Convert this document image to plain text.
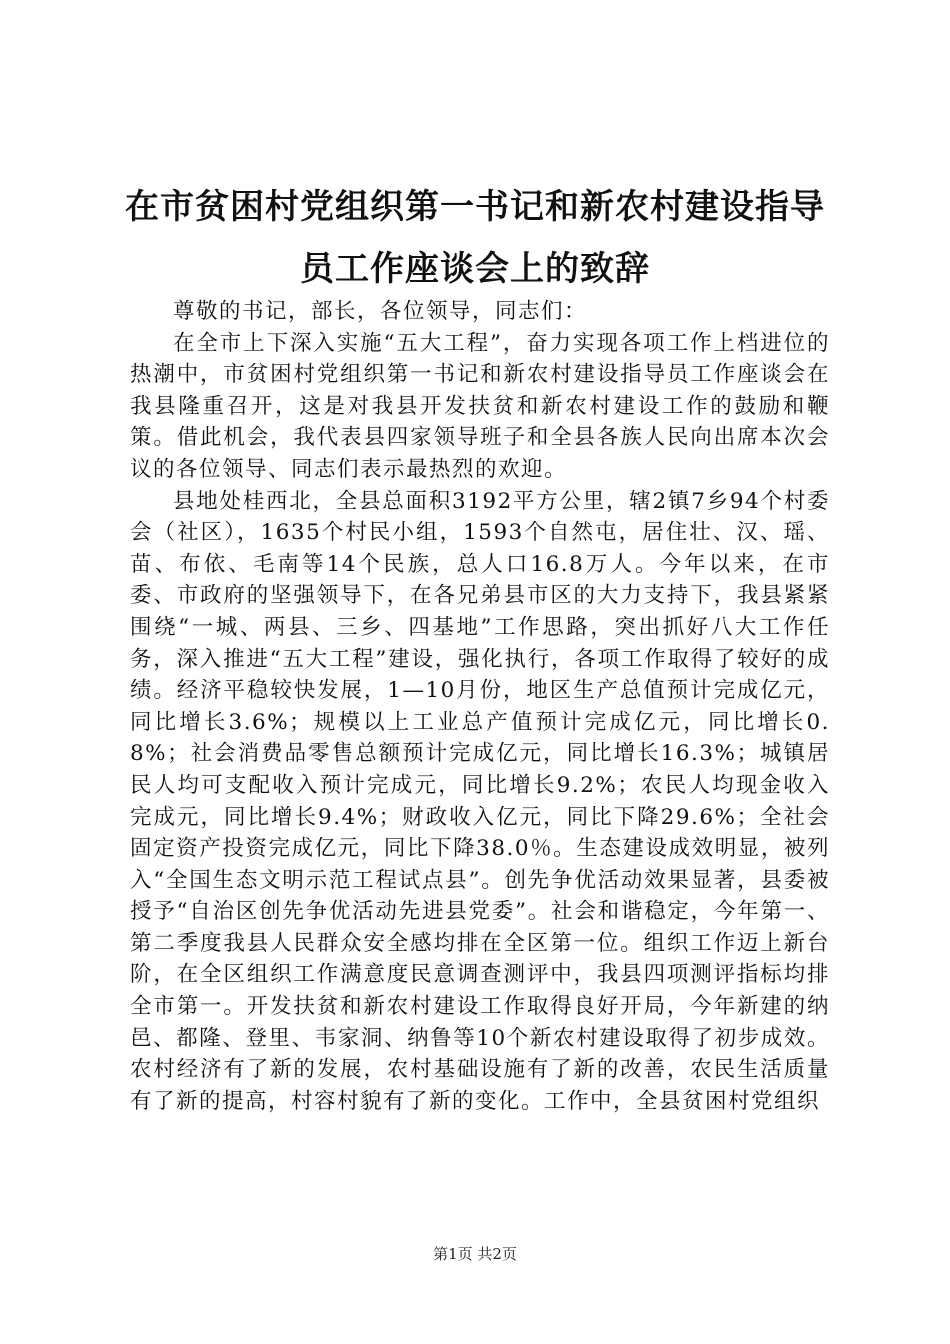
在市贫困村党组织第一书记和新农村建设指导
员工作座谈会上的致辞

尊敬的书记，部长，各位领导，同志们：

在全市上下深入实施“五大工程”，奋力实现各项工作上档进位的热潮中，市贫困村党组织第一书记和新农村建设指导员工作座谈会在我县隆重召开，这是对我县开发扶贫和新农村建设工作的鼓励和鞭策。借此机会，我代表县四家领导班子和全县各族人民向出席本次会议的各位领导、同志们表示最热烈的欢迎。

县地处桂西北，全县总面积3192平方公里，辖2镇7乡94个村委会（社区），1635个村民小组，1593个自然屯，居住壮、汉、瑶、苗、布依、毛南等14个民族，总人口16.8万人。今年以来，在市委、市政府的坚强领导下，在各兄弟县市区的大力支持下，我县紧紧围绕“一城、两县、三乡、四基地”工作思路，突出抓好八大工作任务，深入推进“五大工程”建设，强化执行，各项工作取得了较好的成绩。经济平稳较快发展，1—10月份，地区生产总值预计完成亿元，同比增长3.6%；规模以上工业总产值预计完成亿元，同比增长0.8%；社会消费品零售总额预计完成亿元，同比增长16.3%；城镇居民人均可支配收入预计完成元，同比增长9.2%；农民人均现金收入完成元，同比增长9.4%；财政收入亿元，同比下降29.6%；全社会固定资产投资完成亿元，同比下降38.0％。生态建设成效明显，被列入“全国生态文明示范工程试点县”。创先争优活动效果显著，县委被授予“自治区创先争优活动先进县党委”。社会和谐稳定，今年第一、第二季度我县人民群众安全感均排在全区第一位。组织工作迈上新台阶，在全区组织工作满意度民意调查测评中，我县四项测评指标均排全市第一。开发扶贫和新农村建设工作取得良好开局，今年新建的纳邑、都隆、登里、韦家洞、纳鲁等10个新农村建设取得了初步成效。农村经济有了新的发展，农村基础设施有了新的改善，农民生活质量有了新的提高，村容村貌有了新的变化。工作中，全县贫困村党组织

第1页 共2页
